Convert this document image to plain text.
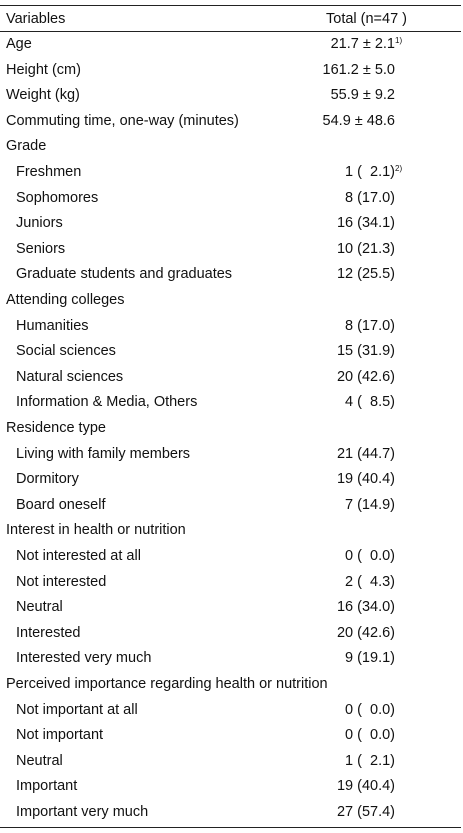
Variables	Total (n=47 )
Age	21.7 ± 2.1 1)
Height (cm)	161.2 ± 5.0
Weight (kg)	55.9 ± 9.2
Commuting time, one-way (minutes)	54.9 ± 48.6
Grade
Freshmen	1 (  2.1) 2)
Sophomores	8 (17.0)
Juniors	16 (34.1)
Seniors	10 (21.3)
Graduate students and graduates	12 (25.5)
Attending colleges
Humanities	8 (17.0)
Social sciences	15 (31.9)
Natural sciences	20 (42.6)
Information & Media, Others	4 (  8.5)
Residence type
Living with family members	21 (44.7)
Dormitory	19 (40.4)
Board oneself	7 (14.9)
Interest in health or nutrition
Not interested at all	0 (  0.0)
Not interested	2 (  4.3)
Neutral	16 (34.0)
Interested	20 (42.6)
Interested very much	9 (19.1)
Perceived importance regarding health or nutrition
Not important at all	0 (  0.0)
Not important	0 (  0.0)
Neutral	1 (  2.1)
Important	19 (40.4)
Important very much	27 (57.4)
